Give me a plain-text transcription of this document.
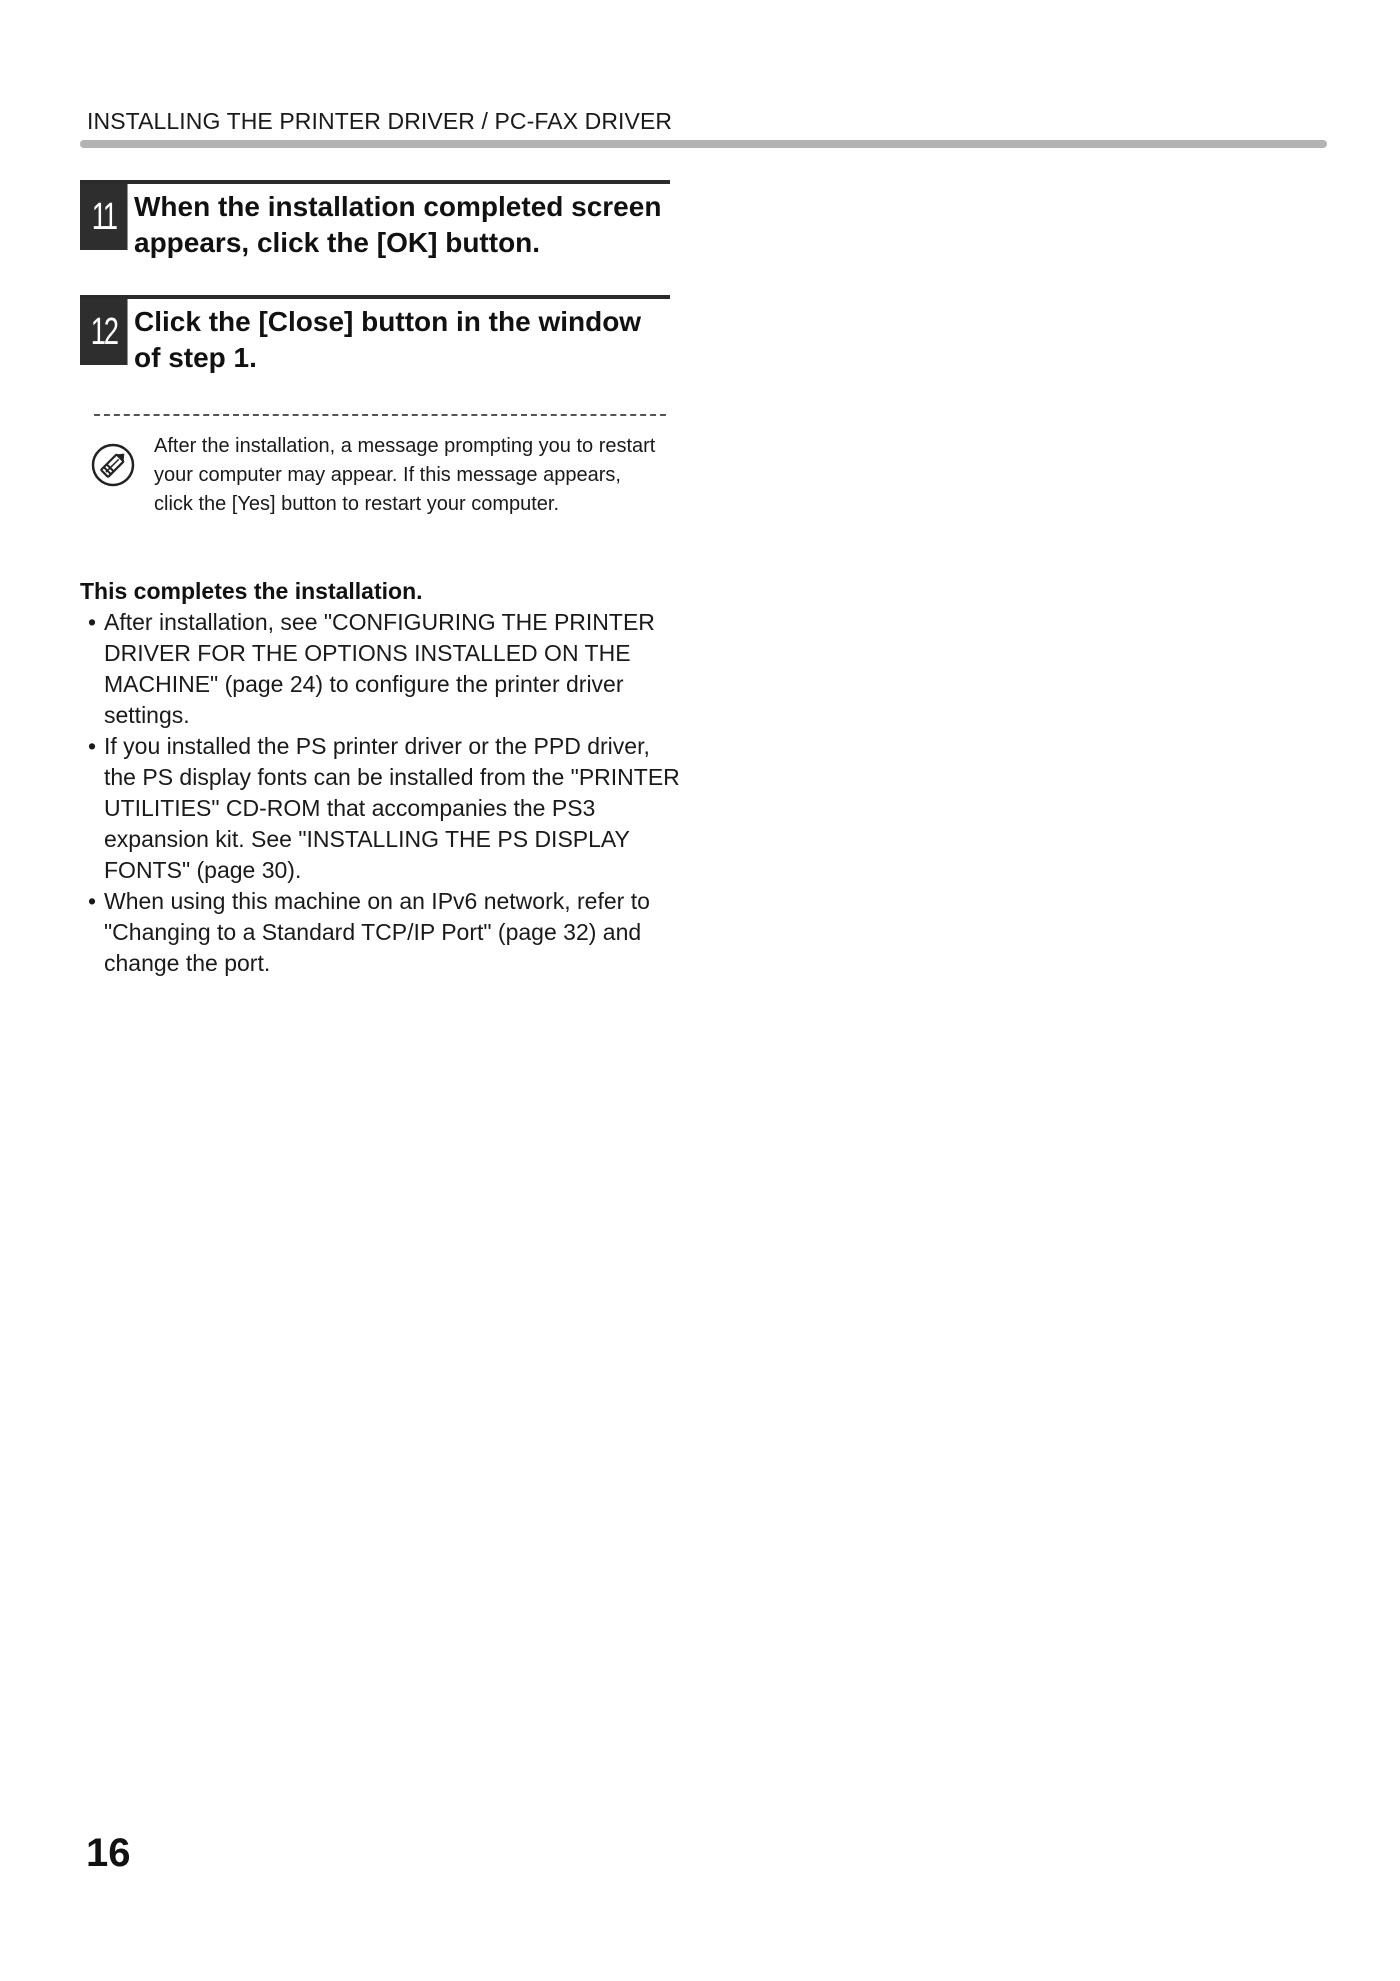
INSTALLING THE PRINTER DRIVER / PC-FAX DRIVER
11 When the installation completed screen appears, click the [OK] button.
12 Click the [Close] button in the window of step 1.
After the installation, a message prompting you to restart your computer may appear. If this message appears, click the [Yes] button to restart your computer.
This completes the installation.
• After installation, see "CONFIGURING THE PRINTER DRIVER FOR THE OPTIONS INSTALLED ON THE MACHINE" (page 24) to configure the printer driver settings.
• If you installed the PS printer driver or the PPD driver, the PS display fonts can be installed from the "PRINTER UTILITIES" CD-ROM that accompanies the PS3 expansion kit. See "INSTALLING THE PS DISPLAY FONTS" (page 30).
• When using this machine on an IPv6 network, refer to "Changing to a Standard TCP/IP Port" (page 32) and change the port.
16
